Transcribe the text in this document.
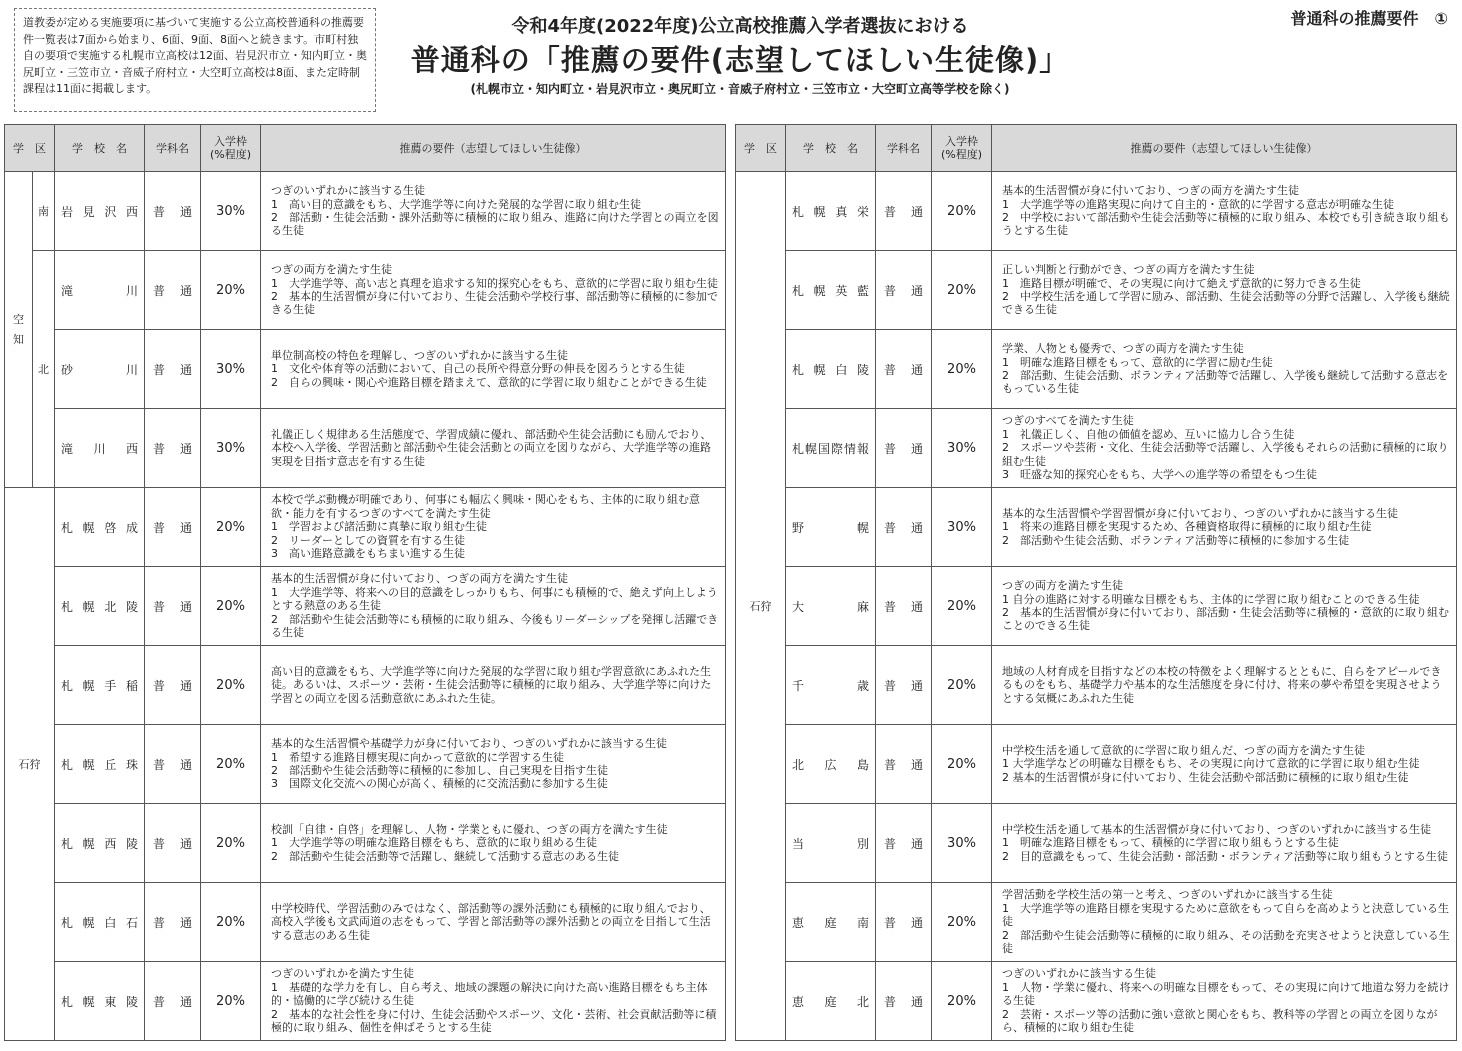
道教委が定める実施要項に基づいて実施する公立高校普通科の推薦要件一覧表は7面から始まり、6面、9面、8面へと続きます。市町村独自の要項で実施する札幌市立高校は12面、岩見沢市立・知内町立・奥尻町立・三笠市立・音威子府村立・大空町立高校は8面、また定時制課程は11面に掲載します。
令和4年度(2022年度)公立高校推薦入学者選抜における
普通科の「推薦の要件(志望してほしい生徒像)」
(札幌市立・知内町立・岩見沢市立・奥尻町立・音威子府村立・三笠市立・大空町立高等学校を除く)
普通科の推薦要件　①
学　区		学　校　名	学科名	入学枠
(%程度)	推薦の要件（志望してほしい生徒像）
空
知	南	岩見沢西	普通	30%	つぎのいずれかに該当する生徒
1　高い目的意識をもち、大学進学等に向けた発展的な学習に取り組む生徒
2　部活動・生徒会活動・課外活動等に積極的に取り組み、進路に向けた学習との両立を図る生徒

	北	滝川	普通	20%	つぎの両方を満たす生徒
1　大学進学等、高い志と真理を追求する知的探究心をもち、意欲的に学習に取り組む生徒
2　基本的生活習慣が身に付いており、生徒会活動や学校行事、部活動等に積極的に参加できる生徒

		砂川	普通	30%	単位制高校の特色を理解し、つぎのいずれかに該当する生徒
1　文化や体育等の活動において、自己の長所や得意分野の伸長を図ろうとする生徒
2　自らの興味・関心や進路目標を踏まえて、意欲的に学習に取り組むことができる生徒

		滝川西	普通	30%	礼儀正しく規律ある生活態度で、学習成績に優れ、部活動や生徒会活動にも励んでおり、本校へ入学後、学習活動と部活動や生徒会活動との両立を図りながら、大学進学等の進路実現を目指す意志を有する生徒

石狩		札幌啓成	普通	20%	本校で学ぶ動機が明確であり、何事にも幅広く興味・関心をもち、主体的に取り組む意欲・能力を有するつぎのすべてを満たす生徒
1　学習および諸活動に真摯に取り組む生徒
2　リーダーとしての資質を有する生徒
3　高い進路意識をもちまい進する生徒

		札幌北陵	普通	20%	基本的生活習慣が身に付いており、つぎの両方を満たす生徒
1　大学進学等、将来への目的意識をしっかりもち、何事にも積極的で、絶えず向上しようとする熱意のある生徒
2　部活動や生徒会活動等にも積極的に取り組み、今後もリーダーシップを発揮し活躍できる生徒

		札幌手稲	普通	20%	高い目的意識をもち、大学進学等に向けた発展的な学習に取り組む学習意欲にあふれた生徒。あるいは、スポーツ・芸術・生徒会活動等に積極的に取り組み、大学進学等に向けた学習との両立を図る活動意欲にあふれた生徒。

		札幌丘珠	普通	20%	基本的な生活習慣や基礎学力が身に付いており、つぎのいずれかに該当する生徒
1　希望する進路目標実現に向かって意欲的に学習する生徒
2　部活動や生徒会活動等に積極的に参加し、自己実現を目指す生徒
3　国際文化交流への関心が高く、積極的に交流活動に参加する生徒

		札幌西陵	普通	20%	校訓「自律・自啓」を理解し、人物・学業ともに優れ、つぎの両方を満たす生徒
1　大学進学等の明確な進路目標をもち、意欲的に取り組める生徒
2　部活動や生徒会活動等で活躍し、継続して活動する意志のある生徒

		札幌白石	普通	20%	中学校時代、学習活動のみではなく、部活動等の課外活動にも積極的に取り組んでおり、高校入学後も文武両道の志をもって、学習と部活動等の課外活動との両立を目指して生活する意志のある生徒

		札幌東陵	普通	20%	つぎのいずれかを満たす生徒
1　基礎的な学力を有し、自ら考え、地域の課題の解決に向けた高い進路目標をもち主体的・協働的に学び続ける生徒
2　基本的な社会性を身に付け、生徒会活動やスポーツ、文化・芸術、社会貢献活動等に積極的に取り組み、個性を伸ばそうとする生徒
学　区	学　校　名	学科名	入学枠
(%程度)	推薦の要件（志望してほしい生徒像）
石狩	札幌真栄	普通	20%	基本的生活習慣が身に付いており、つぎの両方を満たす生徒
1　大学進学等の進路実現に向けて自主的・意欲的に学習する意志が明確な生徒
2　中学校において部活動や生徒会活動等に積極的に取り組み、本校でも引き続き取り組もうとする生徒

	札幌英藍	普通	20%	正しい判断と行動ができ、つぎの両方を満たす生徒
1　進路目標が明確で、その実現に向けて絶えず意欲的に努力できる生徒
2　中学校生活を通して学習に励み、部活動、生徒会活動等の分野で活躍し、入学後も継続できる生徒

	札幌白陵	普通	20%	学業、人物とも優秀で、つぎの両方を満たす生徒
1　明確な進路目標をもって、意欲的に学習に励む生徒
2　部活動、生徒会活動、ボランティア活動等で活躍し、入学後も継続して活動する意志をもっている生徒

	札幌国際情報	普通	30%	つぎのすべてを満たす生徒
1　礼儀正しく、自他の価値を認め、互いに協力し合う生徒
2　スポーツや芸術・文化、生徒会活動等で活躍し、入学後もそれらの活動に積極的に取り組む生徒
3　旺盛な知的探究心をもち、大学への進学等の希望をもつ生徒

	野幌	普通	30%	基本的な生活習慣や学習習慣が身に付いており、つぎのいずれかに該当する生徒
1　将来の進路目標を実現するため、各種資格取得に積極的に取り組む生徒
2　部活動や生徒会活動、ボランティア活動等に積極的に参加する生徒

	大麻	普通	20%	つぎの両方を満たす生徒
1 自分の進路に対する明確な目標をもち、主体的に学習に取り組むことのできる生徒
2　基本的生活習慣が身に付いており、部活動・生徒会活動等に積極的・意欲的に取り組むことのできる生徒

	千歳	普通	20%	地域の人材育成を目指すなどの本校の特徴をよく理解するとともに、自らをアピールできるものをもち、基礎学力や基本的な生活態度を身に付け、将来の夢や希望を実現させようとする気概にあふれた生徒

	北広島	普通	20%	中学校生活を通して意欲的に学習に取り組んだ、つぎの両方を満たす生徒
1 大学進学などの明確な目標をもち、その実現に向けて意欲的に学習に取り組む生徒
2 基本的生活習慣が身に付いており、生徒会活動や部活動に積極的に取り組む生徒

	当別	普通	30%	中学校生活を通して基本的生活習慣が身に付いており、つぎのいずれかに該当する生徒
1　明確な進路目標をもって、積極的に学習に取り組もうとする生徒
2　目的意識をもって、生徒会活動・部活動・ボランティア活動等に取り組もうとする生徒

	恵庭南	普通	20%	学習活動を学校生活の第一と考え、つぎのいずれかに該当する生徒
1　大学進学等の進路目標を実現するために意欲をもって自らを高めようと決意している生徒
2　部活動や生徒会活動等に積極的に取り組み、その活動を充実させようと決意している生徒

	恵庭北	普通	20%	つぎのいずれかに該当する生徒
1　人物・学業に優れ、将来への明確な目標をもって、その実現に向けて地道な努力を続ける生徒
2　芸術・スポーツ等の活動に強い意欲と関心をもち、教科等の学習との両立を図りながら、積極的に取り組む生徒
